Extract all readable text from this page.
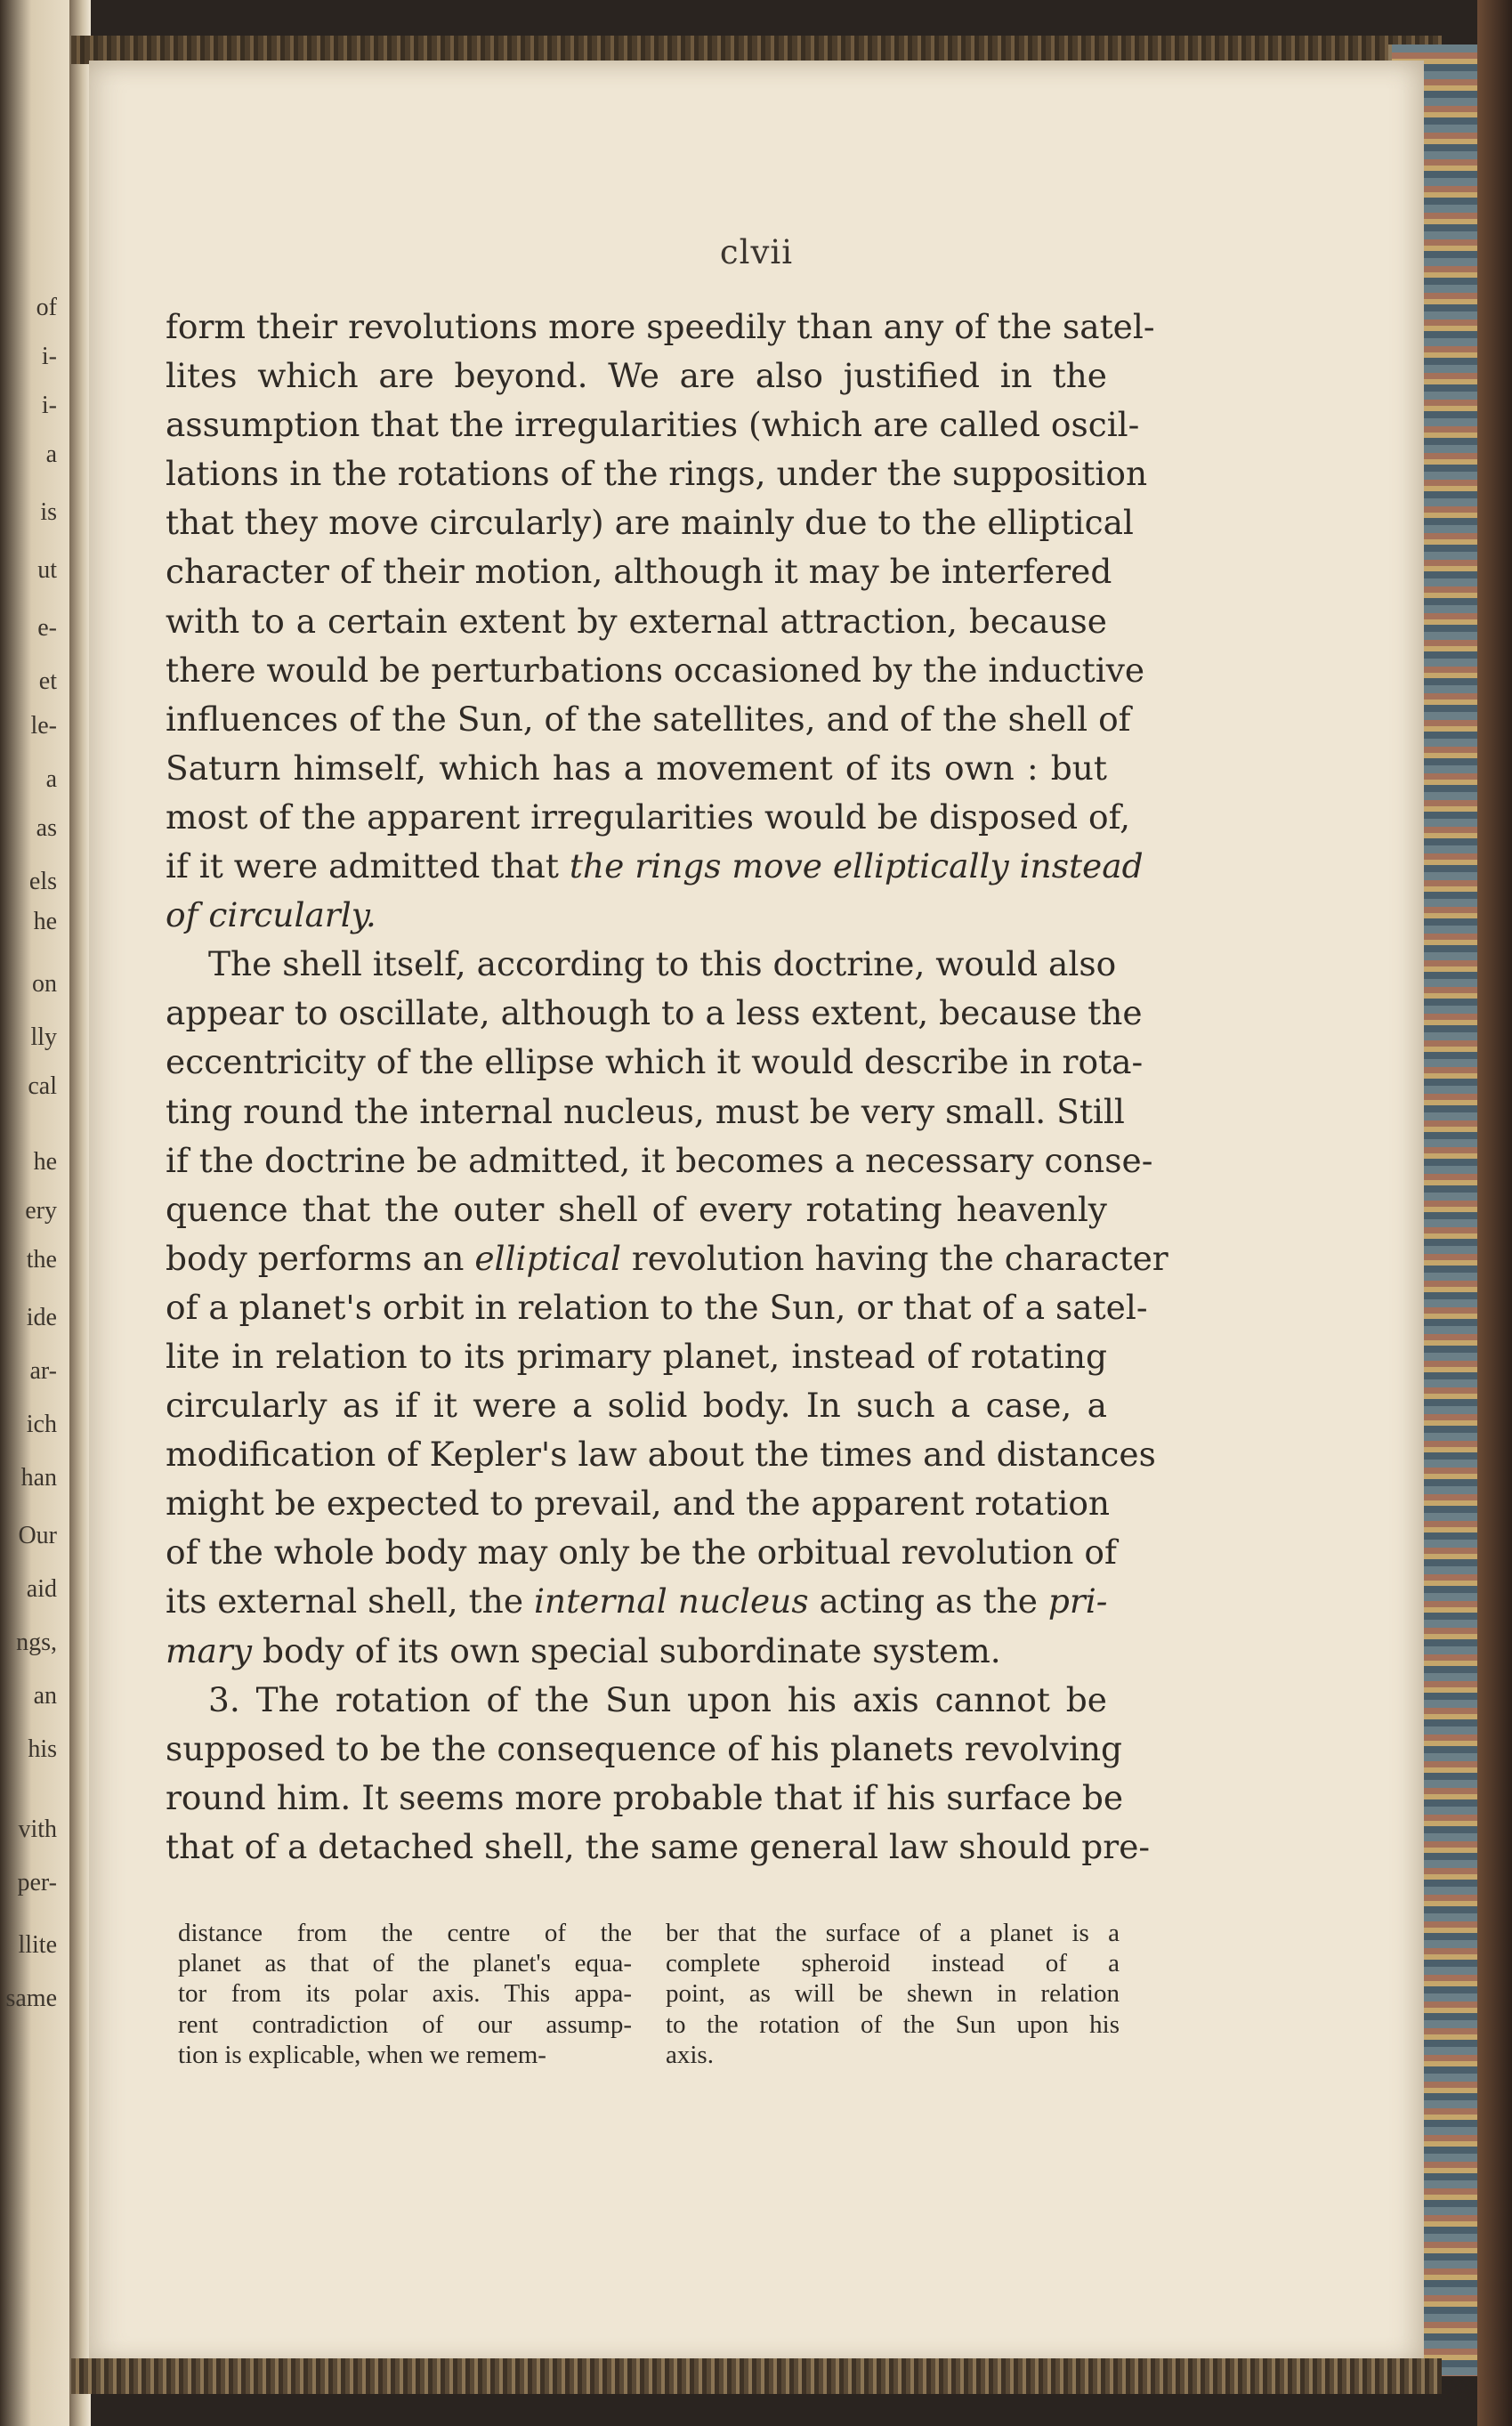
of
i-
i-
a
is
ut
e-
et
le-
a
as
els
he
on
lly
cal
he
ery
the
ide
ar-
ich
han
Our
aid
ngs,
an
his
vith
per-
llite
same
clvii
form their revolutions more speedily than any of the satel-
lites which are beyond. We are also justified in the
assumption that the irregularities (which are called oscil-
lations in the rotations of the rings, under the supposition
that they move circularly) are mainly due to the elliptical
character of their motion, although it may be interfered
with to a certain extent by external attraction, because
there would be perturbations occasioned by the inductive
influences of the Sun, of the satellites, and of the shell of
Saturn himself, which has a movement of its own : but
most of the apparent irregularities would be disposed of,
if it were admitted that the rings move elliptically instead
of circularly.
The shell itself, according to this doctrine, would also
appear to oscillate, although to a less extent, because the
eccentricity of the ellipse which it would describe in rota-
ting round the internal nucleus, must be very small. Still
if the doctrine be admitted, it becomes a necessary conse-
quence that the outer shell of every rotating heavenly
body performs an elliptical revolution having the character
of a planet's orbit in relation to the Sun, or that of a satel-
lite in relation to its primary planet, instead of rotating
circularly as if it were a solid body. In such a case, a
modification of Kepler's law about the times and distances
might be expected to prevail, and the apparent rotation
of the whole body may only be the orbitual revolution of
its external shell, the internal nucleus acting as the pri-
mary body of its own special subordinate system.
3. The rotation of the Sun upon his axis cannot be
supposed to be the consequence of his planets revolving
round him. It seems more probable that if his surface be
that of a detached shell, the same general law should pre-
distance from the centre of the
planet as that of the planet's equa-
tor from its polar axis. This appa-
rent contradiction of our assump-
tion is explicable, when we remem-
ber that the surface of a planet is a
complete spheroid instead of a
point, as will be shewn in relation
to the rotation of the Sun upon his
axis.
